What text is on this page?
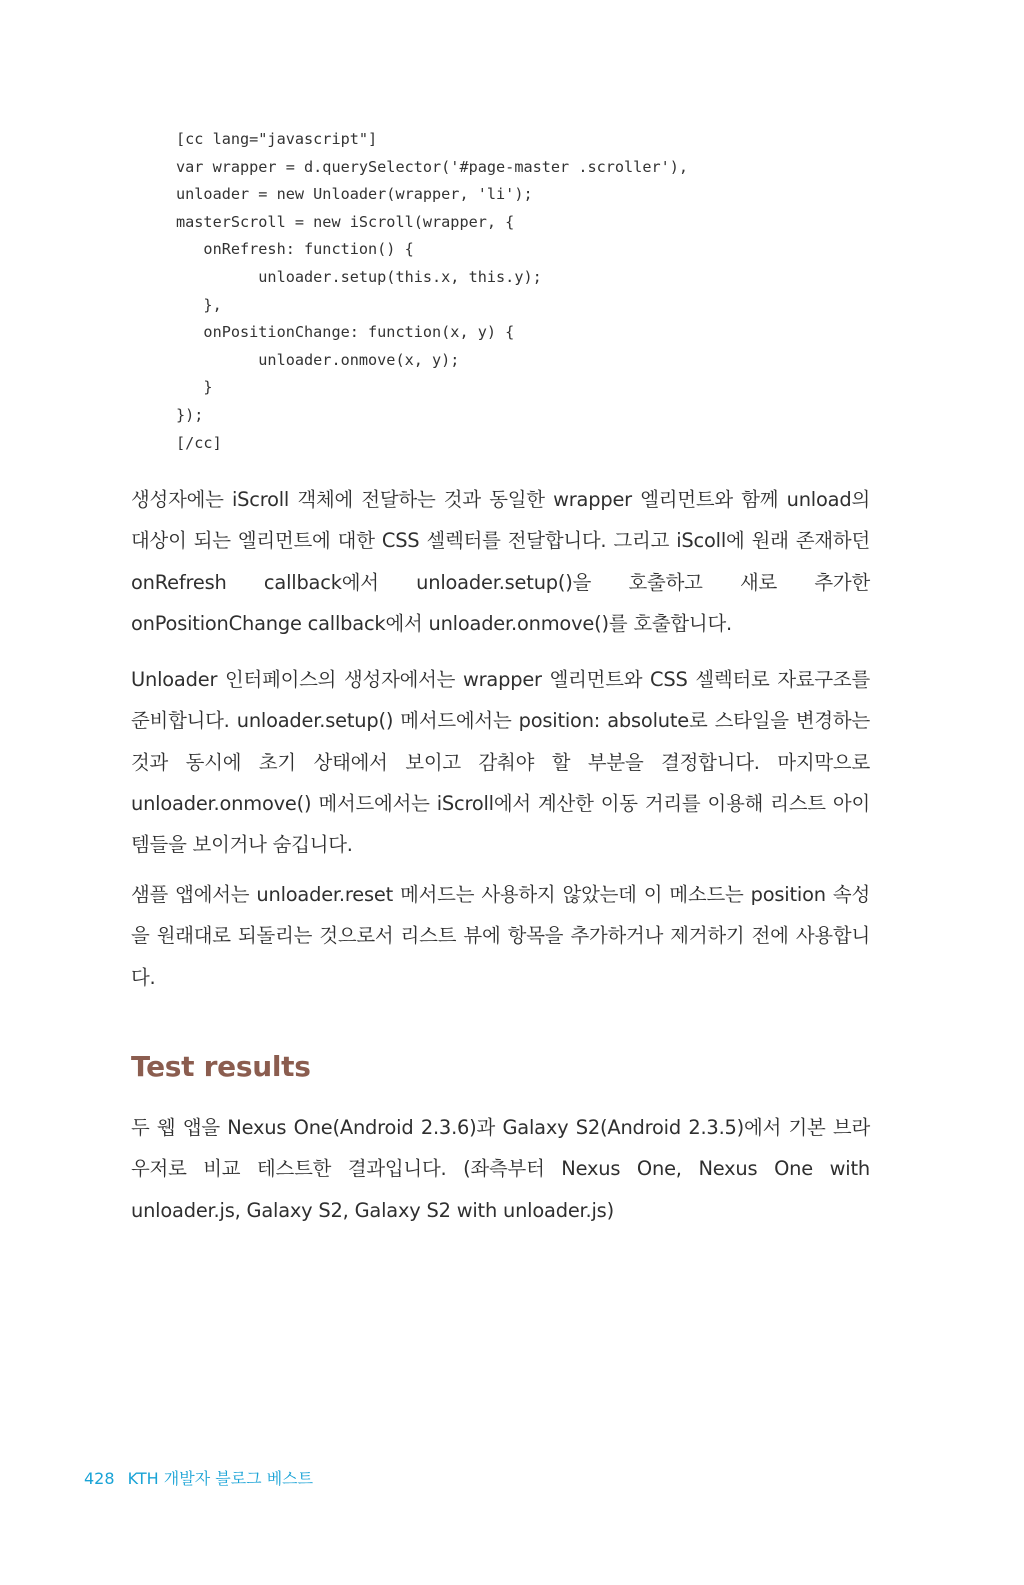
[cc lang="javascript"]
var wrapper = d.querySelector('#page-master .scroller'),
unloader = new Unloader(wrapper, 'li');
masterScroll = new iScroll(wrapper, {
onRefresh: function() {
unloader.setup(this.x, this.y);
},
onPositionChange: function(x, y) {
unloader.onmove(x, y);
}
});
[/cc]

생성자에는 iScroll 객체에 전달하는 것과 동일한 wrapper 엘리먼트와 함께 unload의 대상이 되는 엘리먼트에 대한 CSS 셀렉터를 전달합니다. 그리고 iScoll에 원래 존재하던 onRefresh callback에서 unloader.setup()을 호출하고 새로 추가한 onPositionChange callback에서 unloader.onmove()를 호출합니다.

Unloader 인터페이스의 생성자에서는 wrapper 엘리먼트와 CSS 셀렉터로 자료구조를 준비합니다. unloader.setup() 메서드에서는 position: absolute로 스타일을 변경하는 것과 동시에 초기 상태에서 보이고 감춰야 할 부분을 결정합니다. 마지막으로 unloader.onmove() 메서드에서는 iScroll에서 계산한 이동 거리를 이용해 리스트 아이템들을 보이거나 숨깁니다.

샘플 앱에서는 unloader.reset 메서드는 사용하지 않았는데 이 메소드는 position 속성을 원래대로 되돌리는 것으로서 리스트 뷰에 항목을 추가하거나 제거하기 전에 사용합니다.

Test results

두 웹 앱을 Nexus One(Android 2.3.6)과 Galaxy S2(Android 2.3.5)에서 기본 브라우저로 비교 테스트한 결과입니다. (좌측부터 Nexus One, Nexus One with unloader.js, Galaxy S2, Galaxy S2 with unloader.js)

428 KTH 개발자 블로그 베스트
